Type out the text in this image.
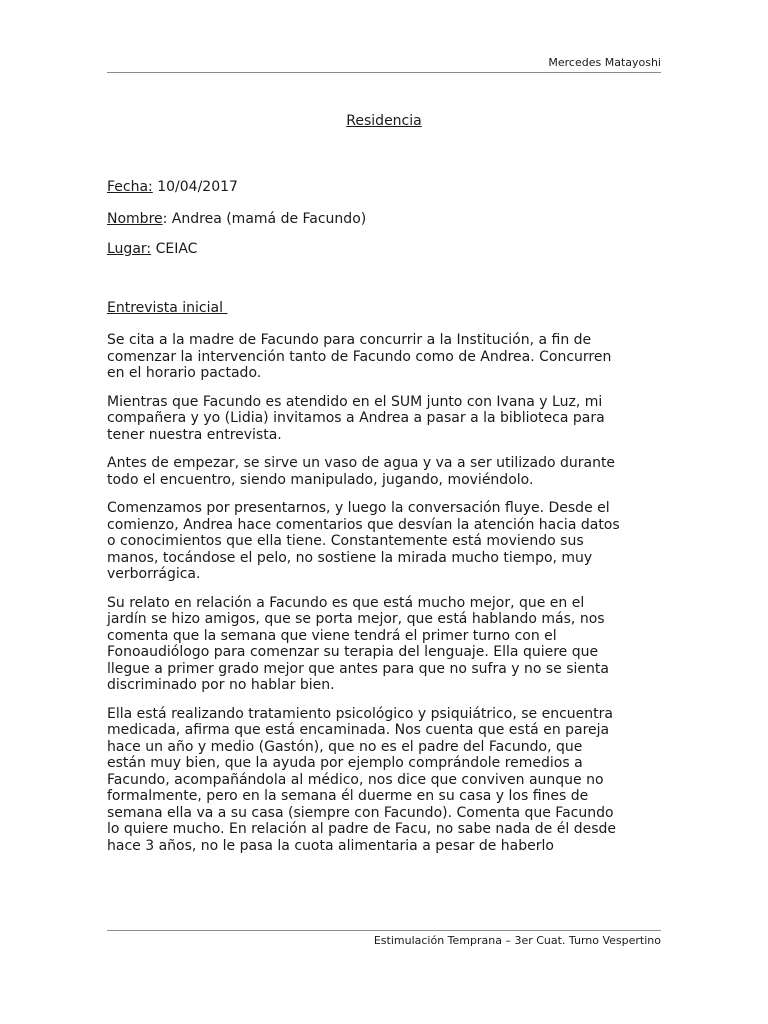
Mercedes Matayoshi
Residencia
Fecha: 10/04/2017
Nombre: Andrea (mamá de Facundo)
Lugar: CEIAC
Entrevista inicial

Se cita a la madre de Facundo para concurrir a la Institución, a fin de
comenzar la intervención tanto de Facundo como de Andrea. Concurren
en el horario pactado.

Mientras que Facundo es atendido en el SUM junto con Ivana y Luz, mi
compañera y yo (Lidia) invitamos a Andrea a pasar a la biblioteca para
tener nuestra entrevista.

Antes de empezar, se sirve un vaso de agua y va a ser utilizado durante
todo el encuentro, siendo manipulado, jugando, moviéndolo.

Comenzamos por presentarnos, y luego la conversación fluye. Desde el
comienzo, Andrea hace comentarios que desvían la atención hacia datos
o conocimientos que ella tiene. Constantemente está moviendo sus
manos, tocándose el pelo, no sostiene la mirada mucho tiempo, muy
verborrágica.

Su relato en relación a Facundo es que está mucho mejor, que en el
jardín se hizo amigos, que se porta mejor, que está hablando más, nos
comenta que la semana que viene tendrá el primer turno con el
Fonoaudiólogo para comenzar su terapia del lenguaje. Ella quiere que
llegue a primer grado mejor que antes para que no sufra y no se sienta
discriminado por no hablar bien.

Ella está realizando tratamiento psicológico y psiquiátrico, se encuentra
medicada, afirma que está encaminada. Nos cuenta que está en pareja
hace un año y medio (Gastón), que no es el padre del Facundo, que
están muy bien, que la ayuda por ejemplo comprándole remedios a
Facundo, acompañándola al médico, nos dice que conviven aunque no
formalmente, pero en la semana él duerme en su casa y los fines de
semana ella va a su casa (siempre con Facundo). Comenta que Facundo
lo quiere mucho. En relación al padre de Facu, no sabe nada de él desde
hace 3 años, no le pasa la cuota alimentaria a pesar de haberlo

Estimulación Temprana – 3er Cuat. Turno Vespertino
